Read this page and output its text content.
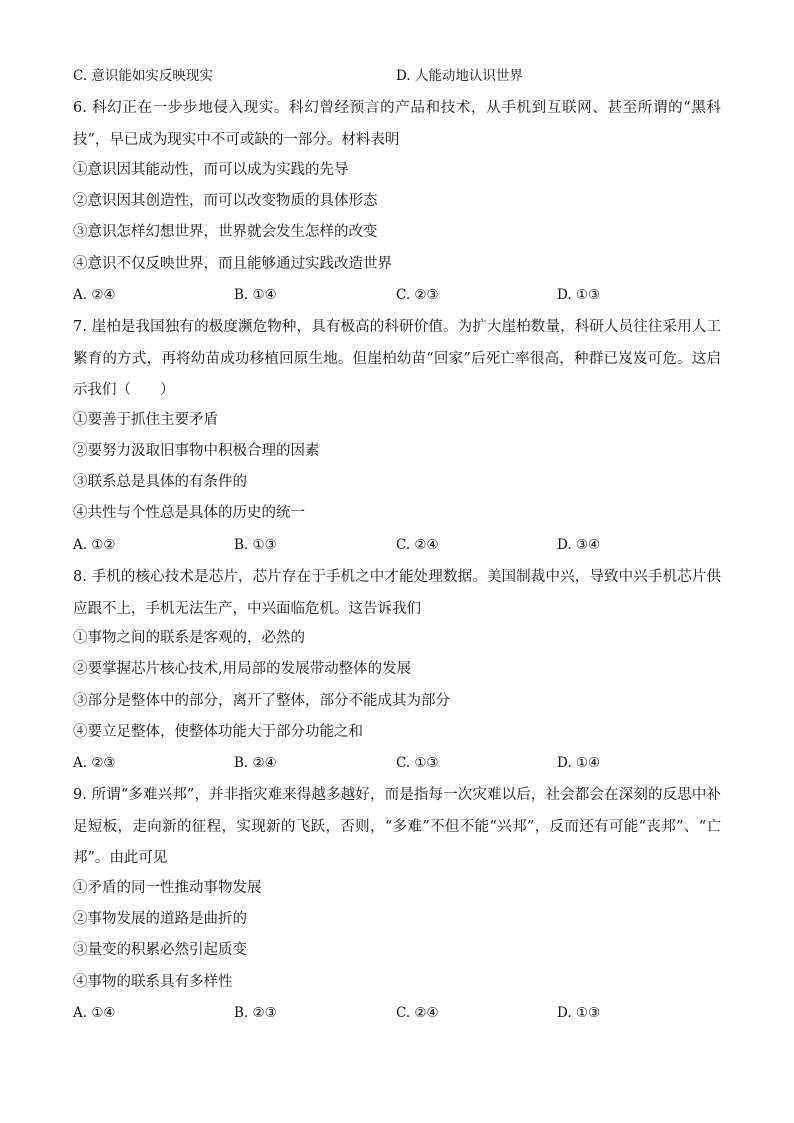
C. 意识能如实反映现实	D. 人能动地认识世界
6. 科幻正在一步步地侵入现实。科幻曾经预言的产品和技术，从手机到互联网、甚至所谓的“黑科技”，早已成为现实中不可或缺的一部分。材料表明
①意识因其能动性，而可以成为实践的先导
②意识因其创造性，而可以改变物质的具体形态
③意识怎样幻想世界，世界就会发生怎样的改变
④意识不仅反映世界，而且能够通过实践改造世界
A. ②④	B. ①④	C. ②③	D. ①③
7. 崖柏是我国独有的极度濒危物种，具有极高的科研价值。为扩大崖柏数量，科研人员往往采用人工繁育的方式，再将幼苗成功移植回原生地。但崖柏幼苗“回家”后死亡率很高，种群已岌岌可危。这启示我们（　　）
①要善于抓住主要矛盾
②要努力汲取旧事物中积极合理的因素
③联系总是具体的有条件的
④共性与个性总是具体的历史的统一
A. ①②	B. ①③	C. ②④	D. ③④
8. 手机的核心技术是芯片，芯片存在于手机之中才能处理数据。美国制裁中兴，导致中兴手机芯片供应跟不上，手机无法生产，中兴面临危机。这告诉我们
①事物之间的联系是客观的，必然的
②要掌握芯片核心技术,用局部的发展带动整体的发展
③部分是整体中的部分，离开了整体，部分不能成其为部分
④要立足整体，使整体功能大于部分功能之和
A. ②③	B. ②④	C. ①③	D. ①④
9. 所谓“多难兴邦”，并非指灾难来得越多越好，而是指每一次灾难以后，社会都会在深刻的反思中补足短板，走向新的征程，实现新的飞跃，否则，“多难”不但不能“兴邦”，反而还有可能“丧邦”、“亡邦”。由此可见
①矛盾的同一性推动事物发展
②事物发展的道路是曲折的
③量变的积累必然引起质变
④事物的联系具有多样性
A. ①④	B. ②③	C. ②④	D. ①③
